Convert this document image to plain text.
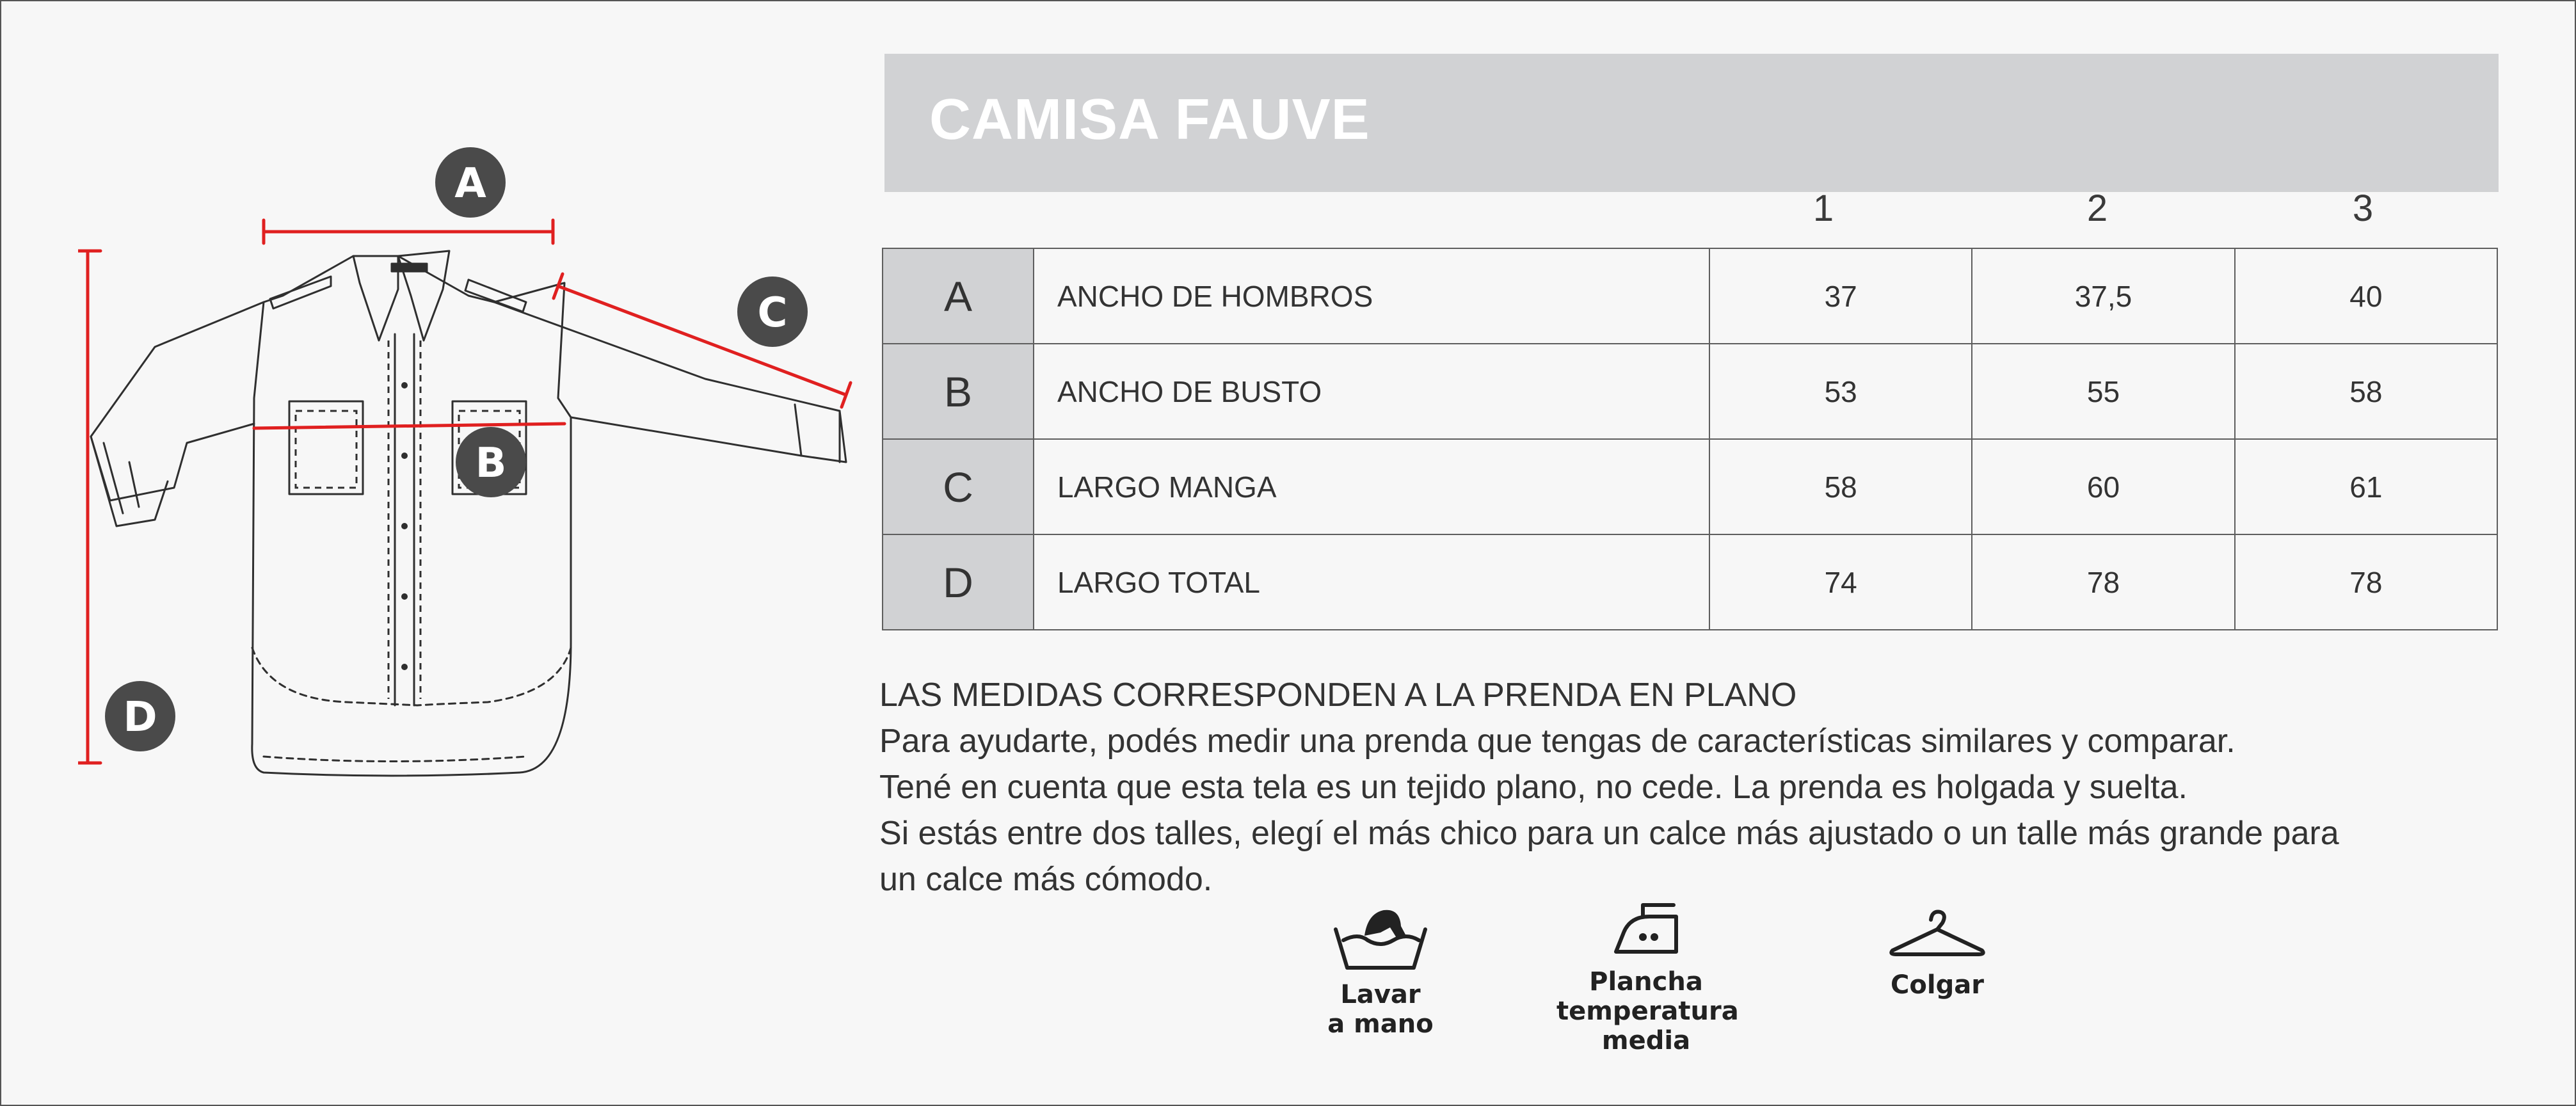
A
B
C
D
CAMISA FAUVE
1	2	3
A	ANCHO DE HOMBROS	37	37,5	40
B	ANCHO DE BUSTO	53	55	58
C	LARGO MANGA	58	60	61
D	LARGO TOTAL	74	78	78
LAS MEDIDAS CORRESPONDEN A LA PRENDA EN PLANO
Para ayudarte, podés medir una prenda que tengas de características similares y comparar.
Tené en cuenta que esta tela es un tejido plano, no cede. La prenda es holgada y suelta.
Si estás entre dos talles, elegí el más chico para un calce más ajustado o un talle más grande para un calce más cómodo.
Lavar
a mano
Plancha
temperatura
media
Colgar
